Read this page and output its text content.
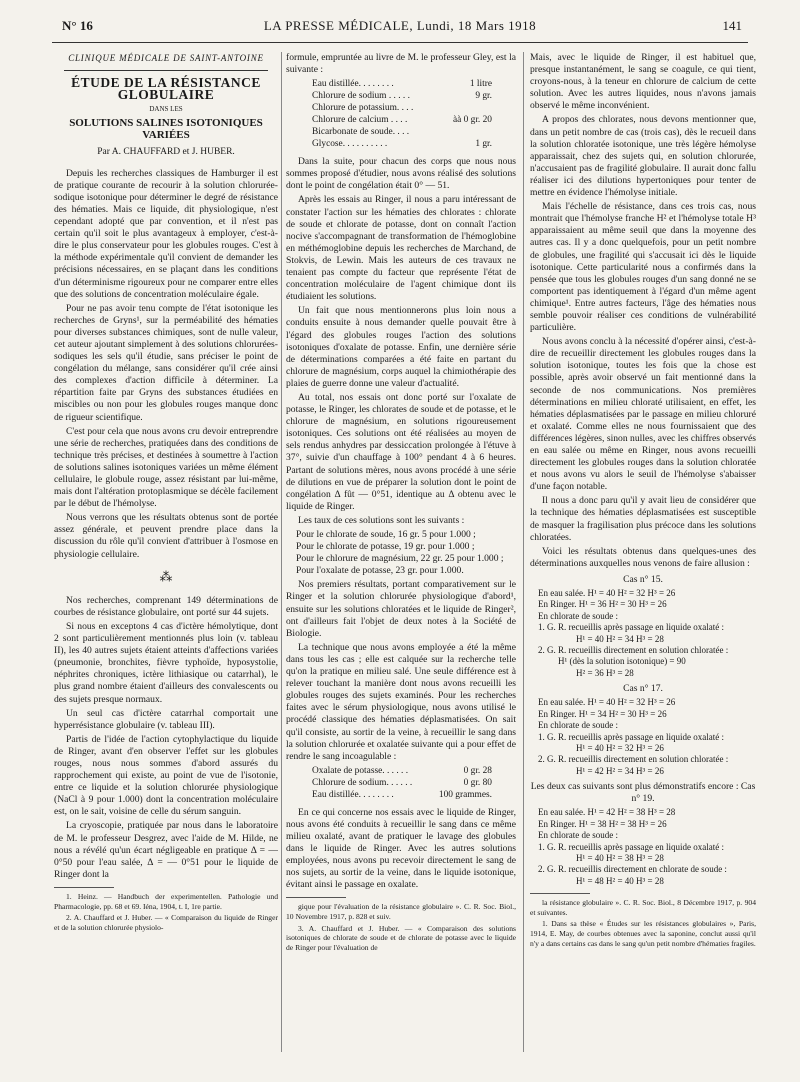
N° 16	LA PRESSE MÉDICALE, Lundi, 18 Mars 1918	141
CLINIQUE MÉDICALE DE SAINT-ANTOINE
ÉTUDE DE LA RÉSISTANCE GLOBULAIRE
DANS LES
SOLUTIONS SALINES ISOTONIQUES VARIÉES
Par A. CHAUFFARD et J. HUBER.

Depuis les recherches classiques de Hamburger il est de pratique courante de recourir à la solution chlorurée-sodique isotonique pour déterminer le degré de résistance des hématies. Mais ce liquide, dit physiologique, n'est cependant adopté que par convention, et il n'est pas certain qu'il soit le plus avantageux à employer, c'est-à-dire le plus conservateur pour les globules rouges. C'est à la méthode expérimentale qu'il convient de demander les précisions nécessaires, en se plaçant dans les conditions d'un déterminisme rigoureux pour ne comparer entre elles que des solutions de concentration moléculaire égale.

Pour ne pas avoir tenu compte de l'état isotonique les recherches de Gryns¹, sur la perméabilité des hématies pour diverses substances chimiques, sont de nulle valeur, cet auteur ajoutant simplement à des solutions chlorurées-sodiques les sels qu'il étudie, sans préciser le point de congélation du mélange, sans considérer qu'il crée ainsi des complexes d'action difficile à déterminer. La répartition faite par Gryns des substances étudiées en miscibles ou non pour les globules rouges manque donc de rigueur scientifique.

C'est pour cela que nous avons cru devoir entreprendre une série de recherches, pratiquées dans des conditions de technique très précises, et destinées à soumettre à l'action de solutions salines isotoniques variées un même élément cellulaire, le globule rouge, assez résistant par lui-même, mais dont l'altération protoplasmique se décèle facilement par le début de l'hémolyse.

Nous verrons que les résultats obtenus sont de portée assez générale, et peuvent prendre place dans la discussion du rôle qu'il convient d'attribuer à l'osmose en physiologie cellulaire.

⁂

Nos recherches, comprenant 149 déterminations de courbes de résistance globulaire, ont porté sur 44 sujets.

Si nous en exceptons 4 cas d'ictère hémolytique, dont 2 sont particulièrement mentionnés plus loin (v. tableau II), les 40 autres sujets étaient atteints d'affections variées (pneumonie, bronchites, fièvre typhoïde, hyposystolie, néphrites chroniques, ictère lithiasique ou catarrhal), le plus grand nombre étaient d'ailleurs des convalescents ou des sujets presque normaux.

Un seul cas d'ictère catarrhal comportait une hyperrésistance globulaire (v. tableau III).

Partis de l'idée de l'action cytophylactique du liquide de Ringer, avant d'en observer l'effet sur les globules rouges, nous nous sommes d'abord assurés du rapprochement qui existe, au point de vue de l'isotonie, entre ce liquide et la solution chlorurée physiologique (NaCl à 9 pour 1.000) dont la concentration moléculaire est, on le sait, voisine de celle du sérum sanguin.

La cryoscopie, pratiquée par nous dans le laboratoire de M. le professeur Desgrez, avec l'aide de M. Hilde, ne nous a révélé qu'un écart négligeable en pratique Δ = — 0°50 pour l'eau salée, Δ = — 0°51 pour le liquide de Ringer dont la

1. Heinz. — Handbuch der experimentellen. Pathologie und Pharmacologie, pp. 68 et 69. Iéna, 1904, t. I, 1re partie.

2. A. Chauffard et J. Huber. — « Comparaison du liquide de Ringer et de la solution chlorurée physiolo-

formule, empruntée au livre de M. le professeur Gley, est la suivante :

Eau distillée. . . . . . . .	1 litre
Chlorure de sodium . . . . .	9 gr.
Chlorure de potassium. . . .
Chlorure de calcium . . . .	àà 0 gr. 20
Bicarbonate de soude. . . .
Glycose. . . . . . . . . .	1 gr.

Dans la suite, pour chacun des corps que nous nous sommes proposé d'étudier, nous avons réalisé des solutions dont le point de congélation était 0° — 51.

Après les essais au Ringer, il nous a paru intéressant de constater l'action sur les hématies des chlorates : chlorate de soude et chlorate de potasse, dont on connaît l'action nocive s'accompagnant de transformation de l'hémoglobine en méthémoglobine depuis les recherches de Marchand, de Stokvis, de Lewin. Mais les auteurs de ces travaux ne tenaient pas compte du facteur que représente l'état de concentration moléculaire de l'agent chimique dont ils étudiaient les solutions.

Un fait que nous mentionnerons plus loin nous a conduits ensuite à nous demander quelle pouvait être à l'égard des globules rouges l'action des solutions isotoniques d'oxalate de potasse. Enfin, une dernière série de déterminations comparées a été faite en partant du chlorure de magnésium, corps auquel la chimiothérapie des plaies de guerre donne une valeur d'actualité.

Au total, nos essais ont donc porté sur l'oxalate de potasse, le Ringer, les chlorates de soude et de potasse, et le chlorure de magnésium, en solutions rigoureusement isotoniques. Ces solutions ont été réalisées au moyen de sels rendus anhydres par dessiccation prolongée à l'étuve à 37°, suivie d'un chauffage à 100° pendant 4 à 6 heures. Partant de solutions mères, nous avons procédé à une série de dilutions en vue de préparer la solution dont le point de congélation Δ fût — 0°51, identique au Δ obtenu avec le liquide de Ringer.

Les taux de ces solutions sont les suivants :

Pour le chlorate de soude, 16 gr. 5 pour 1.000 ;
Pour le chlorate de potasse, 19 gr. pour 1.000 ;
Pour le chlorure de magnésium, 22 gr. 25 pour 1.000 ;
Pour l'oxalate de potasse, 23 gr. pour 1.000.

Nos premiers résultats, portant comparativement sur le Ringer et la solution chlorurée physiologique d'abord¹, ensuite sur les solutions chloratées et le liquide de Ringer², ont d'ailleurs fait l'objet de deux notes à la Société de Biologie.

La technique que nous avons employée a été la même dans tous les cas ; elle est calquée sur la recherche telle qu'on la pratique en milieu salé. Une seule différence est à relever touchant la manière dont nous avons recueilli les globules rouges des sujets examinés. Pour les recherches faites avec le sérum physiologique, nous avons utilisé le procédé classique des hématies déplasmatisées. On sait qu'il consiste, au sortir de la veine, à recueillir le sang dans la solution chlorurée et oxalatée suivante qui a pour effet de rendre le sang incoagulable :

Oxalate de potasse. . . . . .	0 gr. 28
Chlorure de sodium. . . . . .	0 gr. 80
Eau distillée. . . . . . . .	100 grammes.

En ce qui concerne nos essais avec le liquide de Ringer, nous avons été conduits à recueillir le sang dans ce même milieu oxalaté, avant de pratiquer le lavage des globules dans le liquide de Ringer. Avec les autres solutions employées, nous avons pu recevoir directement le sang de nos sujets, au sortir de la veine, dans le liquide isotonique, évitant ainsi le passage en oxalate.

gique pour l'évaluation de la résistance globulaire ». C. R. Soc. Biol., 10 Novembre 1917, p. 828 et suiv.

3. A. Chauffard et J. Huber. — « Comparaison des solutions isotoniques de chlorate de soude et de chlorate de potasse avec le liquide de Ringer pour l'évaluation de

Mais, avec le liquide de Ringer, il est habituel que, presque instantanément, le sang se coagule, ce qui tient, croyons-nous, à la teneur en chlorure de calcium de cette solution. Avec les autres liquides, nous n'avons jamais observé le même inconvénient.

A propos des chlorates, nous devons mentionner que, dans un petit nombre de cas (trois cas), dès le recueil dans la solution chloratée isotonique, une très légère hémolyse apparaissait, chez des sujets qui, en solution chlorurée, n'accusaient pas de fragilité globulaire. Il aurait donc fallu réaliser ici des dilutions hypertoniques pour tenter de mettre en évidence l'hémolyse initiale.

Mais l'échelle de résistance, dans ces trois cas, nous montrait que l'hémolyse franche H² et l'hémolyse totale H³ apparaissaient au même seuil que dans la moyenne des autres cas. Il y a donc quelquefois, pour un petit nombre de globules, une fragilité qui s'accusait ici dès le liquide isotonique. Cette particularité nous a confirmés dans la pensée que tous les globules rouges d'un sang donné ne se comportent pas identiquement à l'égard d'un même agent chimique¹. Entre autres facteurs, l'âge des hématies nous semble pouvoir réaliser ces conditions de vulnérabilité particulière.

Nous avons conclu à la nécessité d'opérer ainsi, c'est-à-dire de recueillir directement les globules rouges dans la solution isotonique, toutes les fois que la chose est possible, après avoir observé un fait mentionné dans la seconde de nos communications. Nos premières déterminations en milieu chloraté utilisaient, en effet, les hématies déplasmatisées par le passage en milieu chloruré et oxalaté. Comme elles ne nous fournissaient que des différences légères, sinon nulles, avec les chiffres observés en eau salée ou même en Ringer, nous avons recueilli directement les globules rouges dans la solution chloratée et nous avons vu alors le seuil de l'hémolyse s'abaisser d'une façon notable.

Il nous a donc paru qu'il y avait lieu de considérer que la technique des hématies déplasmatisées est susceptible de masquer la fragilisation plus précoce dans les solutions chloratées.

Voici les résultats obtenus dans quelques-unes des déterminations auxquelles nous venons de faire allusion :

Cas n° 15.
En eau salée. H¹ = 40 H² = 32 H³ = 26
En Ringer. H¹ = 36 H² = 30 H³ = 26
En chlorate de soude :
1. G. R. recueillis après passage en liquide oxalaté :
H¹ = 40 H² = 34 H³ = 28
2. G. R. recueillis directement en solution chloratée :
H¹ (dès la solution isotonique) = 90
H² = 36 H³ = 28
Cas n° 17.
En eau salée. H¹ = 40 H² = 32 H³ = 26
En Ringer. H¹ = 34 H² = 30 H³ = 26
En chlorate de soude :
1. G. R. recueillis après passage en liquide oxalaté :
H¹ = 40 H² = 32 H³ = 26
2. G. R. recueillis directement en solution chloratée :
H¹ = 42 H² = 34 H³ = 26
Les deux cas suivants sont plus démonstratifs encore : Cas n° 19.
En eau salée. H¹ = 42 H² = 38 H³ = 28
En Ringer. H¹ = 38 H² = 38 H³ = 26
En chlorate de soude :
1. G. R. recueillis après passage en liquide oxalaté :
H¹ = 40 H² = 38 H³ = 28
2. G. R. recueillis directement en chlorate de soude :
H¹ = 48 H² = 40 H³ = 28

la résistance globulaire ». C. R. Soc. Biol., 8 Décembre 1917, p. 904 et suivantes.

1. Dans sa thèse « Études sur les résistances globulaires », Paris, 1914, E. May, de courbes obtenues avec la saponine, conclut aussi qu'il n'y a dans certains cas dans le sang qu'un petit nombre d'hématies fragiles.
